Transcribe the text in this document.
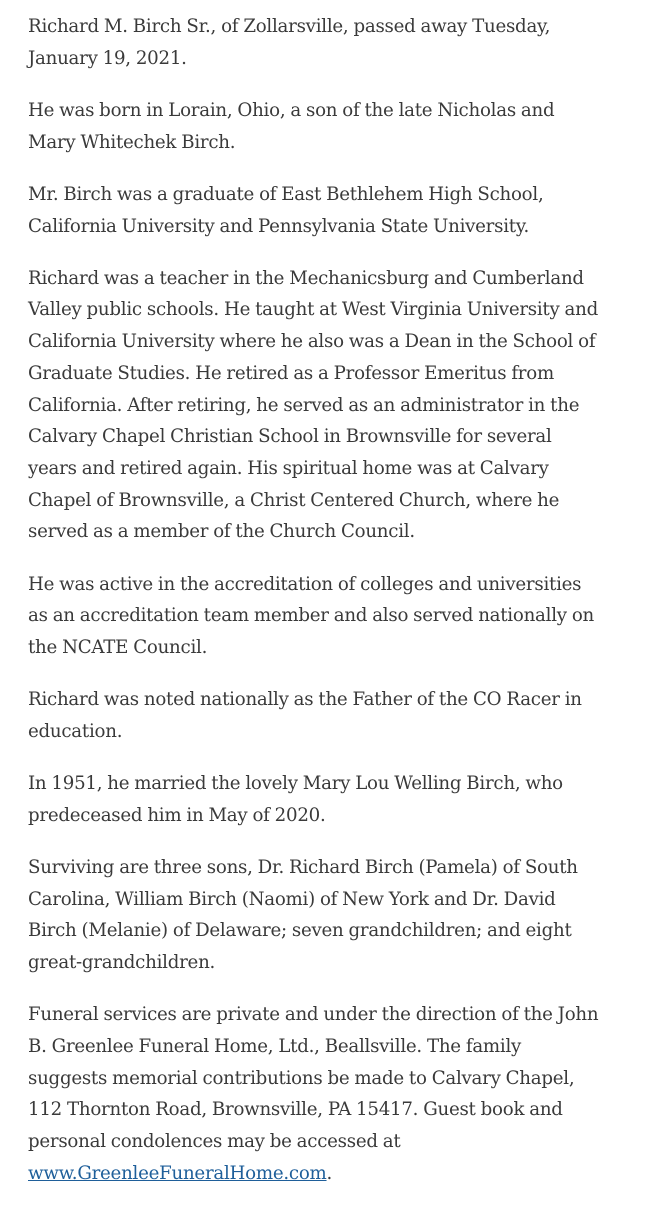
Richard M. Birch Sr., of Zollarsville, passed away Tuesday, January 19, 2021.

He was born in Lorain, Ohio, a son of the late Nicholas and Mary Whitechek Birch.

Mr. Birch was a graduate of East Bethlehem High School, California University and Pennsylvania State University.

Richard was a teacher in the Mechanicsburg and Cumberland Valley public schools. He taught at West Virginia University and California University where he also was a Dean in the School of Graduate Studies. He retired as a Professor Emeritus from California. After retiring, he served as an administrator in the Calvary Chapel Christian School in Brownsville for several years and retired again. His spiritual home was at Calvary Chapel of Brownsville, a Christ Centered Church, where he served as a member of the Church Council.

He was active in the accreditation of colleges and universities as an accreditation team member and also served nationally on the NCATE Council.

Richard was noted nationally as the Father of the CO Racer in education.

In 1951, he married the lovely Mary Lou Welling Birch, who predeceased him in May of 2020.

Surviving are three sons, Dr. Richard Birch (Pamela) of South Carolina, William Birch (Naomi) of New York and Dr. David Birch (Melanie) of Delaware; seven grandchildren; and eight great-grandchildren.

Funeral services are private and under the direction of the John B. Greenlee Funeral Home, Ltd., Beallsville. The family suggests memorial contributions be made to Calvary Chapel, 112 Thornton Road, Brownsville, PA 15417. Guest book and personal condolences may be accessed at www.GreenleeFuneralHome.com.
